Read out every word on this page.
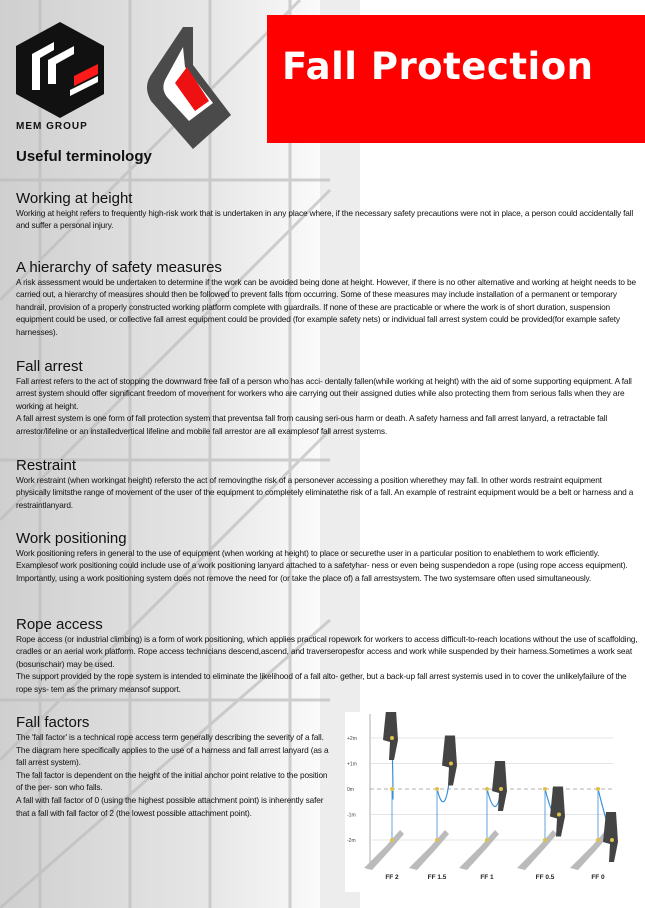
Fall Protection
MEM GROUP
Useful terminology
Working at height

Working at height refers to frequently high-risk work that is undertaken in any place where, if the necessary safety precautions were not in place, a person could accidentally fall and suffer a personal injury.

A hierarchy of safety measures

A risk assessment would be undertaken to determine if the work can be avoided being done at height. However, if there is no other alternative and working at height needs to be carried out, a hierarchy of measures should then be followed to prevent falls from occurring. Some of these measures may include installation of a permanent or temporary handrail, provision of a properly constructed working platform complete with guardrails. If none of these are practicable or where the work is of short duration, suspension equipment could be used, or collective fall arrest equipment could be provided (for example safety nets) or individual fall arrest system could be provided(for example safety harnesses).

Fall arrest

Fall arrest refers to the act of stopping the downward free fall of a person who has acci- dentally fallen(while working at height) with the aid of some supporting equipment. A fall arrest system should offer significant freedom of movement for workers who are carrying out their assigned duties while also protecting them from serious falls when they are working at height.

A fall arrest system is one form of fall protection system that preventsa fall from causing seri-ous harm or death. A safety harness and fall arrest lanyard, a retractable fall arrestor/lifeline or an installedvertical lifeline and mobile fall arrestor are all examplesof fall arrest systems.

Restraint

Work restraint (when workingat height) refersto the act of removingthe risk of a personever accessing a position wherethey may fall. In other words restraint equipment physically limitsthe range of movement of the user of the equipment to completely eliminatethe risk of a fall. An example of restraint equipment would be a belt or harness and a restraintlanyard.

Work positioning

Work positioning refers in general to the use of equipment (when working at height) to place or securethe user in a particular position to enablethem to work efficiently. Examplesof work positioning could include use of a work positioning lanyard attached to a safetyhar- ness or even being suspendedon a rope (using rope access equipment). Importantly, using a work positioning system does not remove the need for (or take the place of) a fall arrestsystem. The two systemsare often used simultaneously.

Rope access

Rope access (or industrial climbing) is a form of work positioning, which applies practical ropework for workers to access difficult-to-reach locations without the use of scaffolding, cradles or an aerial work platform. Rope access technicians descend,ascend, and traverseropesfor access and work while suspended by their harness.Sometimes a work seat (bosunschair) may be used.

The support provided by the rope system is intended to eliminate the likelihood of a fall alto- gether, but a back-up fall arrest systemis used in to cover the unlikelyfailure of the rope sys- tem as the primary meansof support.

Fall factors

The 'fall factor' is a technical rope access term generally describing the severity of a fall.

The diagram here specifically applies to the use of a harness and fall arrest lanyard (as a fall arrest system).

The fall factor is dependent on the height of the initial anchor point relative to the position of the per- son who falls.

A fall with fall factor of 0 (using the highest possible attachment point) is inherently safer that a fall with fall factor of 2 (the lowest possible attachment point).

+2m
+1m
0m
-1m
-2m
FF 2	FF 1.5	FF 1	FF 0.5	FF 0
